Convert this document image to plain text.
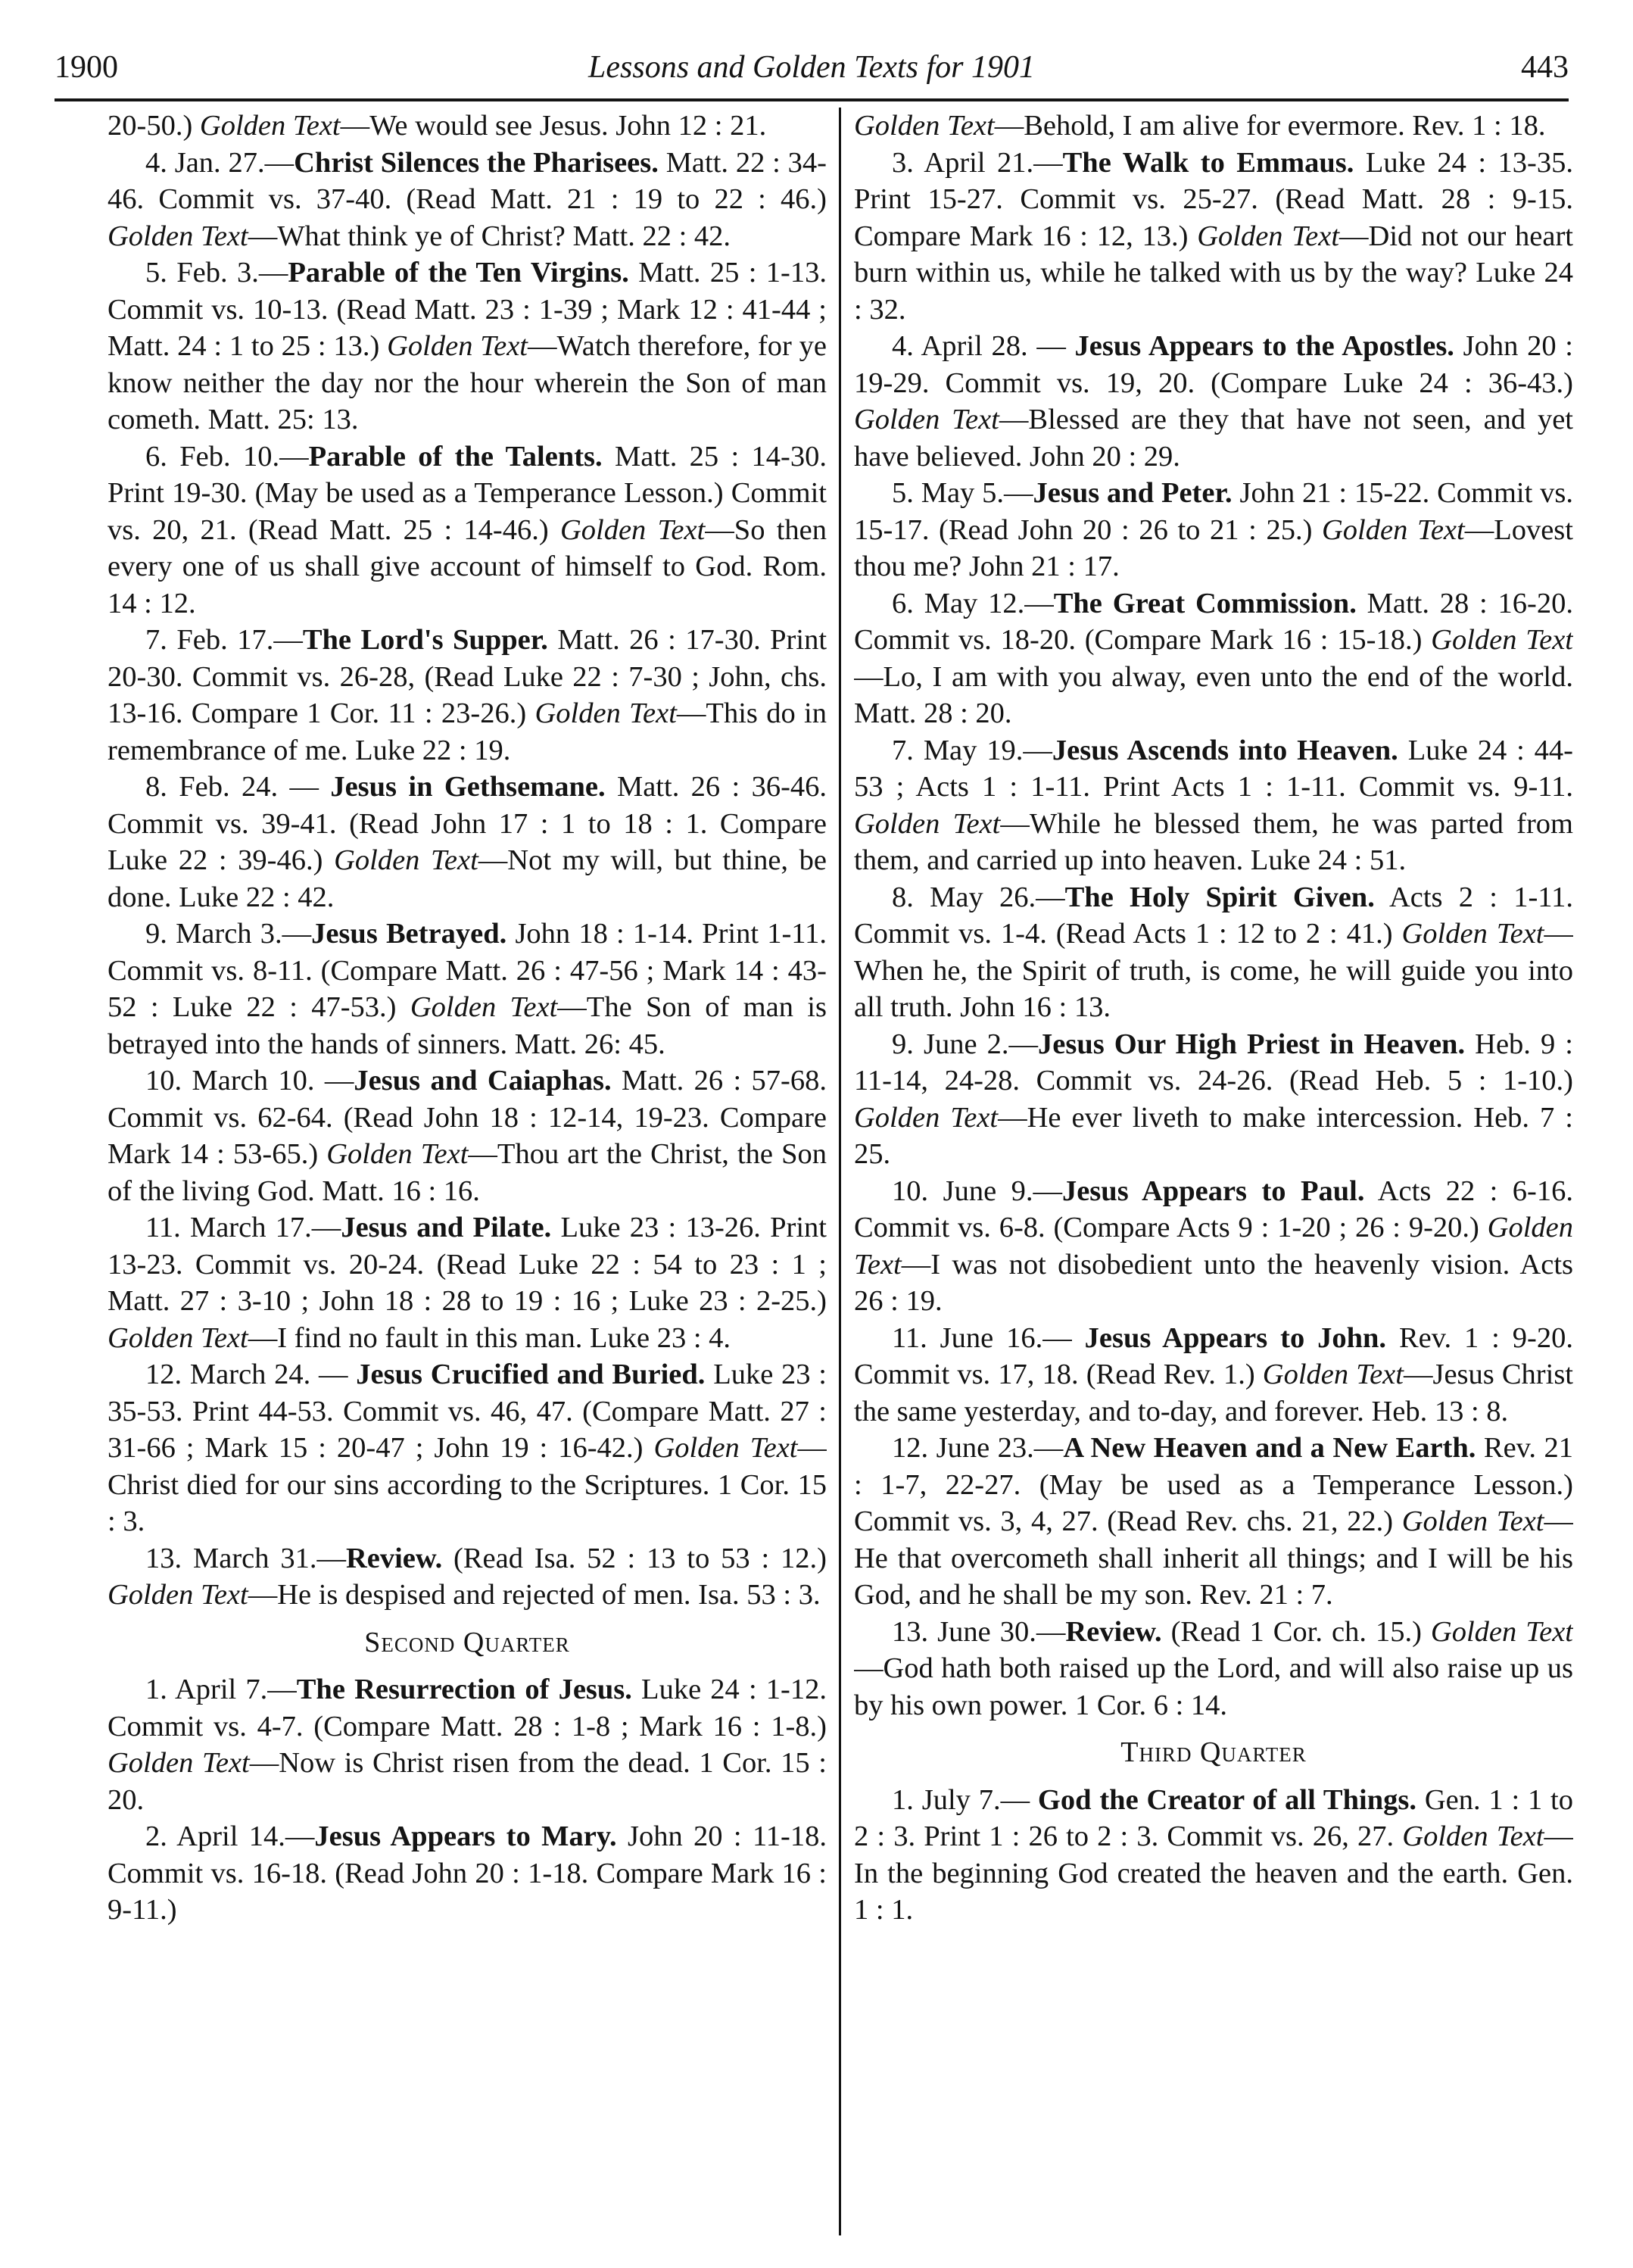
1900	Lessons and Golden Texts for 1901	443

20-50.) Golden Text—We would see Jesus. John 12 : 21.

4. Jan. 27.—Christ Silences the Pharisees. Matt. 22 : 34-46. Commit vs. 37-40. (Read Matt. 21 : 19 to 22 : 46.) Golden Text—What think ye of Christ? Matt. 22 : 42.

5. Feb. 3.—Parable of the Ten Virgins. Matt. 25 : 1-13. Commit vs. 10-13. (Read Matt. 23 : 1-39 ; Mark 12 : 41-44 ; Matt. 24 : 1 to 25 : 13.) Golden Text—Watch therefore, for ye know neither the day nor the hour wherein the Son of man cometh. Matt. 25: 13.

6. Feb. 10.—Parable of the Talents. Matt. 25 : 14-30. Print 19-30. (May be used as a Temperance Lesson.) Commit vs. 20, 21. (Read Matt. 25 : 14-46.) Golden Text—So then every one of us shall give account of himself to God. Rom. 14 : 12.

7. Feb. 17.—The Lord's Supper. Matt. 26 : 17-30. Print 20-30. Commit vs. 26-28, (Read Luke 22 : 7-30 ; John, chs. 13-16. Compare 1 Cor. 11 : 23-26.) Golden Text—This do in remembrance of me. Luke 22 : 19.

8. Feb. 24. — Jesus in Gethsemane. Matt. 26 : 36-46. Commit vs. 39-41. (Read John 17 : 1 to 18 : 1. Compare Luke 22 : 39-46.) Golden Text—Not my will, but thine, be done. Luke 22 : 42.

9. March 3.—Jesus Betrayed. John 18 : 1-14. Print 1-11. Commit vs. 8-11. (Compare Matt. 26 : 47-56 ; Mark 14 : 43-52 : Luke 22 : 47-53.) Golden Text—The Son of man is betrayed into the hands of sinners. Matt. 26: 45.

10. March 10. —Jesus and Caiaphas. Matt. 26 : 57-68. Commit vs. 62-64. (Read John 18 : 12-14, 19-23. Compare Mark 14 : 53-65.) Golden Text—Thou art the Christ, the Son of the living God. Matt. 16 : 16.

11. March 17.—Jesus and Pilate. Luke 23 : 13-26. Print 13-23. Commit vs. 20-24. (Read Luke 22 : 54 to 23 : 1 ; Matt. 27 : 3-10 ; John 18 : 28 to 19 : 16 ; Luke 23 : 2-25.) Golden Text—I find no fault in this man. Luke 23 : 4.

12. March 24. — Jesus Crucified and Buried. Luke 23 : 35-53. Print 44-53. Commit vs. 46, 47. (Compare Matt. 27 : 31-66 ; Mark 15 : 20-47 ; John 19 : 16-42.) Golden Text—Christ died for our sins according to the Scriptures. 1 Cor. 15 : 3.

13. March 31.—Review. (Read Isa. 52 : 13 to 53 : 12.) Golden Text—He is despised and rejected of men. Isa. 53 : 3.

Second Quarter

1. April 7.—The Resurrection of Jesus. Luke 24 : 1-12. Commit vs. 4-7. (Compare Matt. 28 : 1-8 ; Mark 16 : 1-8.) Golden Text—Now is Christ risen from the dead. 1 Cor. 15 : 20.

2. April 14.—Jesus Appears to Mary. John 20 : 11-18. Commit vs. 16-18. (Read John 20 : 1-18. Compare Mark 16 : 9-11.)

Golden Text—Behold, I am alive for evermore. Rev. 1 : 18.

3. April 21.—The Walk to Emmaus. Luke 24 : 13-35. Print 15-27. Commit vs. 25-27. (Read Matt. 28 : 9-15. Compare Mark 16 : 12, 13.) Golden Text—Did not our heart burn within us, while he talked with us by the way? Luke 24 : 32.

4. April 28. — Jesus Appears to the Apostles. John 20 : 19-29. Commit vs. 19, 20. (Compare Luke 24 : 36-43.) Golden Text—Blessed are they that have not seen, and yet have believed. John 20 : 29.

5. May 5.—Jesus and Peter. John 21 : 15-22. Commit vs. 15-17. (Read John 20 : 26 to 21 : 25.) Golden Text—Lovest thou me? John 21 : 17.

6. May 12.—The Great Commission. Matt. 28 : 16-20. Commit vs. 18-20. (Compare Mark 16 : 15-18.) Golden Text—Lo, I am with you alway, even unto the end of the world. Matt. 28 : 20.

7. May 19.—Jesus Ascends into Heaven. Luke 24 : 44-53 ; Acts 1 : 1-11. Print Acts 1 : 1-11. Commit vs. 9-11. Golden Text—While he blessed them, he was parted from them, and carried up into heaven. Luke 24 : 51.

8. May 26.—The Holy Spirit Given. Acts 2 : 1-11. Commit vs. 1-4. (Read Acts 1 : 12 to 2 : 41.) Golden Text—When he, the Spirit of truth, is come, he will guide you into all truth. John 16 : 13.

9. June 2.—Jesus Our High Priest in Heaven. Heb. 9 : 11-14, 24-28. Commit vs. 24-26. (Read Heb. 5 : 1-10.) Golden Text—He ever liveth to make intercession. Heb. 7 : 25.

10. June 9.—Jesus Appears to Paul. Acts 22 : 6-16. Commit vs. 6-8. (Compare Acts 9 : 1-20 ; 26 : 9-20.) Golden Text—I was not disobedient unto the heavenly vision. Acts 26 : 19.

11. June 16.— Jesus Appears to John. Rev. 1 : 9-20. Commit vs. 17, 18. (Read Rev. 1.) Golden Text—Jesus Christ the same yesterday, and to-day, and forever. Heb. 13 : 8.

12. June 23.—A New Heaven and a New Earth. Rev. 21 : 1-7, 22-27. (May be used as a Temperance Lesson.) Commit vs. 3, 4, 27. (Read Rev. chs. 21, 22.) Golden Text—He that overcometh shall inherit all things; and I will be his God, and he shall be my son. Rev. 21 : 7.

13. June 30.—Review. (Read 1 Cor. ch. 15.) Golden Text—God hath both raised up the Lord, and will also raise up us by his own power. 1 Cor. 6 : 14.

Third Quarter

1. July 7.— God the Creator of all Things. Gen. 1 : 1 to 2 : 3. Print 1 : 26 to 2 : 3. Commit vs. 26, 27. Golden Text—In the beginning God created the heaven and the earth. Gen. 1 : 1.
